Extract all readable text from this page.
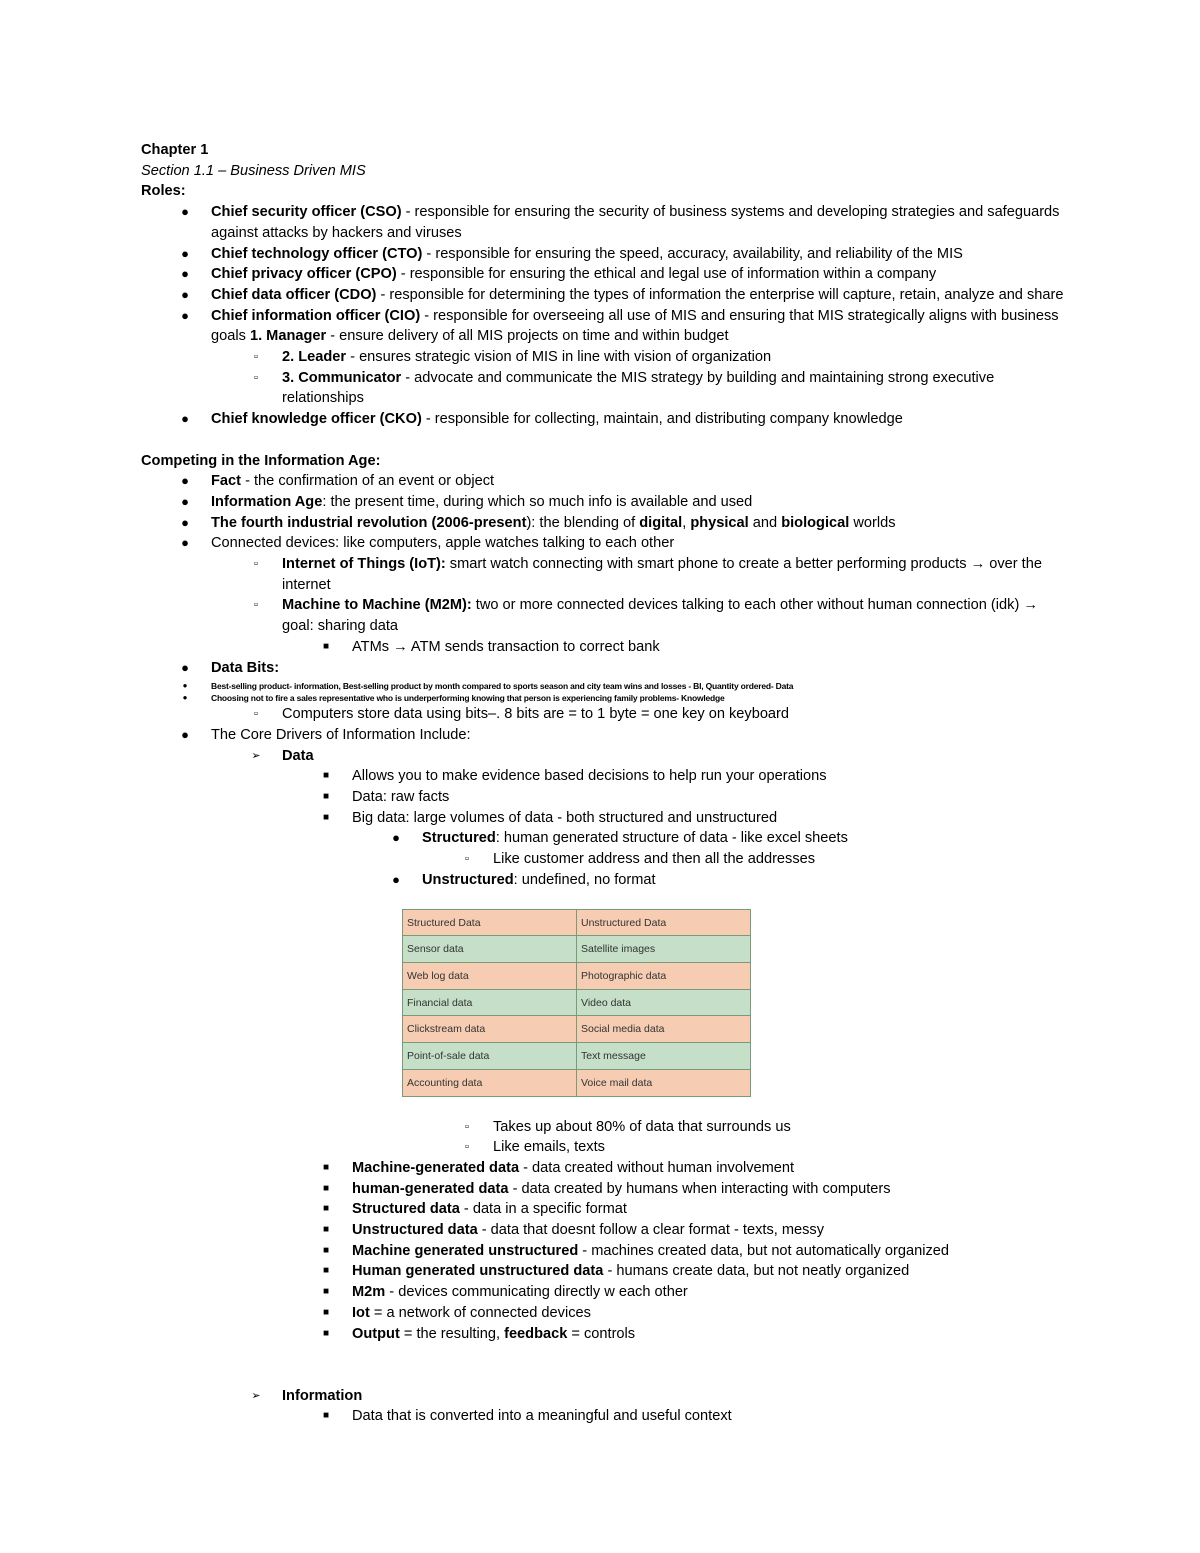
Chapter 1
Section 1.1 – Business Driven MIS
Roles:
● Chief security officer (CSO) - responsible for ensuring the security of business systems and developing strategies and safeguards against attacks by hackers and viruses
● Chief technology officer (CTO) - responsible for ensuring the speed, accuracy, availability, and reliability of the MIS
● Chief privacy officer (CPO) - responsible for ensuring the ethical and legal use of information within a company
● Chief data officer (CDO) - responsible for determining the types of information the enterprise will capture, retain, analyze and share
● Chief information officer (CIO) - responsible for overseeing all use of MIS and ensuring that MIS strategically aligns with business goals 1. Manager - ensure delivery of all MIS projects on time and within budget
▫	2. Leader - ensures strategic vision of MIS in line with vision of organization
▫	3. Communicator - advocate and communicate the MIS strategy by building and maintaining strong executive relationships
● Chief knowledge officer (CKO) - responsible for collecting, maintain, and distributing company knowledge
Competing in the Information Age:
● Fact - the confirmation of an event or object
● Information Age: the present time, during which so much info is available and used
● The fourth industrial revolution (2006-present): the blending of digital, physical and biological worlds
● Connected devices: like computers, apple watches talking to each other
▫	Internet of Things (IoT): smart watch connecting with smart phone to create a better performing products → over the internet
▫	Machine to Machine (M2M): two or more connected devices talking to each other without human connection (idk) → goal: sharing data
■ ATMs → ATM sends transaction to correct bank
● Data Bits:
●	Best-selling product- information, Best-selling product by month compared to sports season and city team wins and losses - BI, Quantity ordered- Data
●	Choosing not to fire a sales representative who is underperforming knowing that person is experiencing family problems- Knowledge
▫	Computers store data using bits–. 8 bits are = to 1 byte = one key on keyboard
● The Core Drivers of Information Include:
➢ Data
■ Allows you to make evidence based decisions to help run your operations
■ Data: raw facts
■ Big data: large volumes of data - both structured and unstructured
● Structured: human generated structure of data - like excel sheets
▫	Like customer address and then all the addresses
● Unstructured: undefined, no format
Structured Data	Unstructured Data
Sensor data	Satellite images
Web log data	Photographic data
Financial data	Video data
Clickstream data	Social media data
Point-of-sale data	Text message
Accounting data	Voice mail data
▫	Takes up about 80% of data that surrounds us
▫	Like emails, texts
■ Machine-generated data - data created without human involvement
■ human-generated data - data created by humans when interacting with computers
■ Structured data - data in a specific format
■ Unstructured data - data that doesnt follow a clear format - texts, messy
■ Machine generated unstructured - machines created data, but not automatically organized
■ Human generated unstructured data - humans create data, but not neatly organized
■ M2m - devices communicating directly w each other
■ Iot = a network of connected devices
■ Output = the resulting, feedback = controls
➢ Information
■ Data that is converted into a meaningful and useful context
